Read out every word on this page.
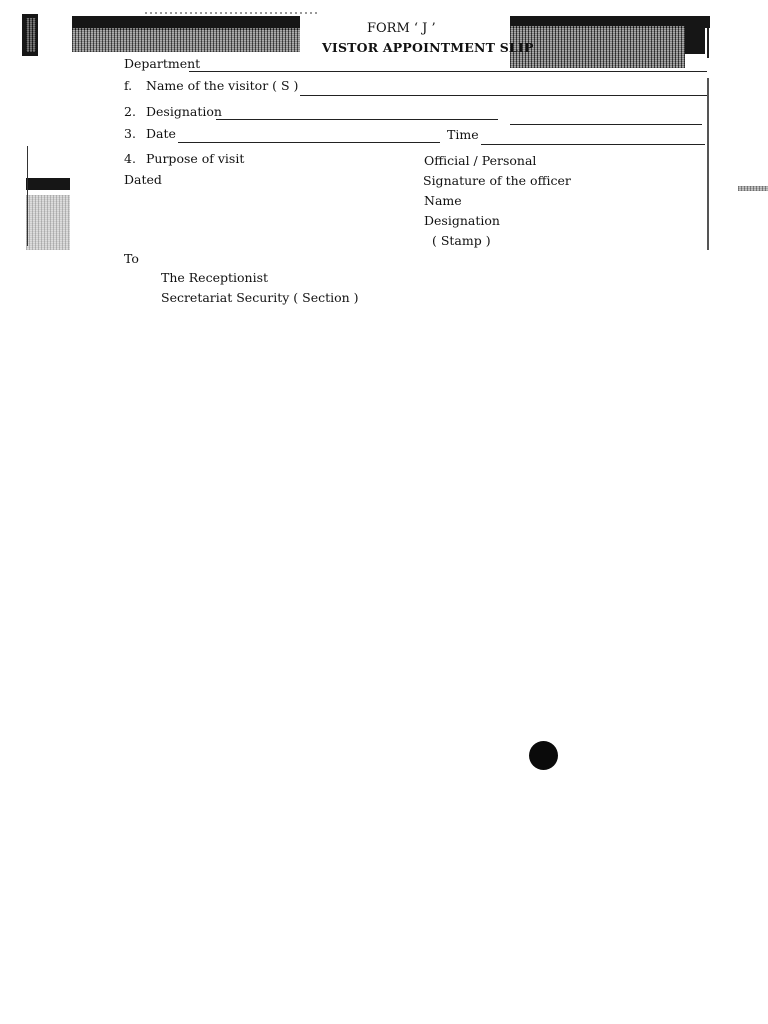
FORM ‘ J ’
VISTOR APPOINTMENT SLIP
Department
f. Name of the visitor ( S )
2. Designation
3. Date	Time
4. Purpose of visit	Official / Personal
Dated	Signature of the officer
Name
Designation
( Stamp )
To
The Receptionist
Secretariat Security ( Section )
